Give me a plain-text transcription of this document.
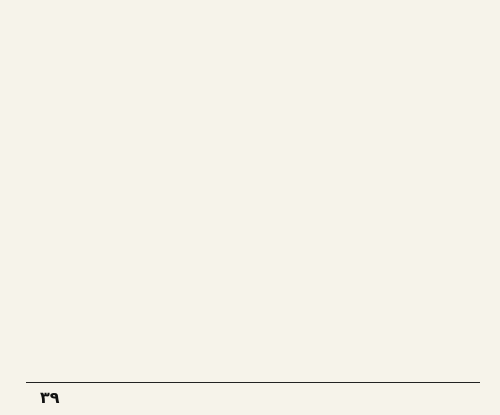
٣٩
